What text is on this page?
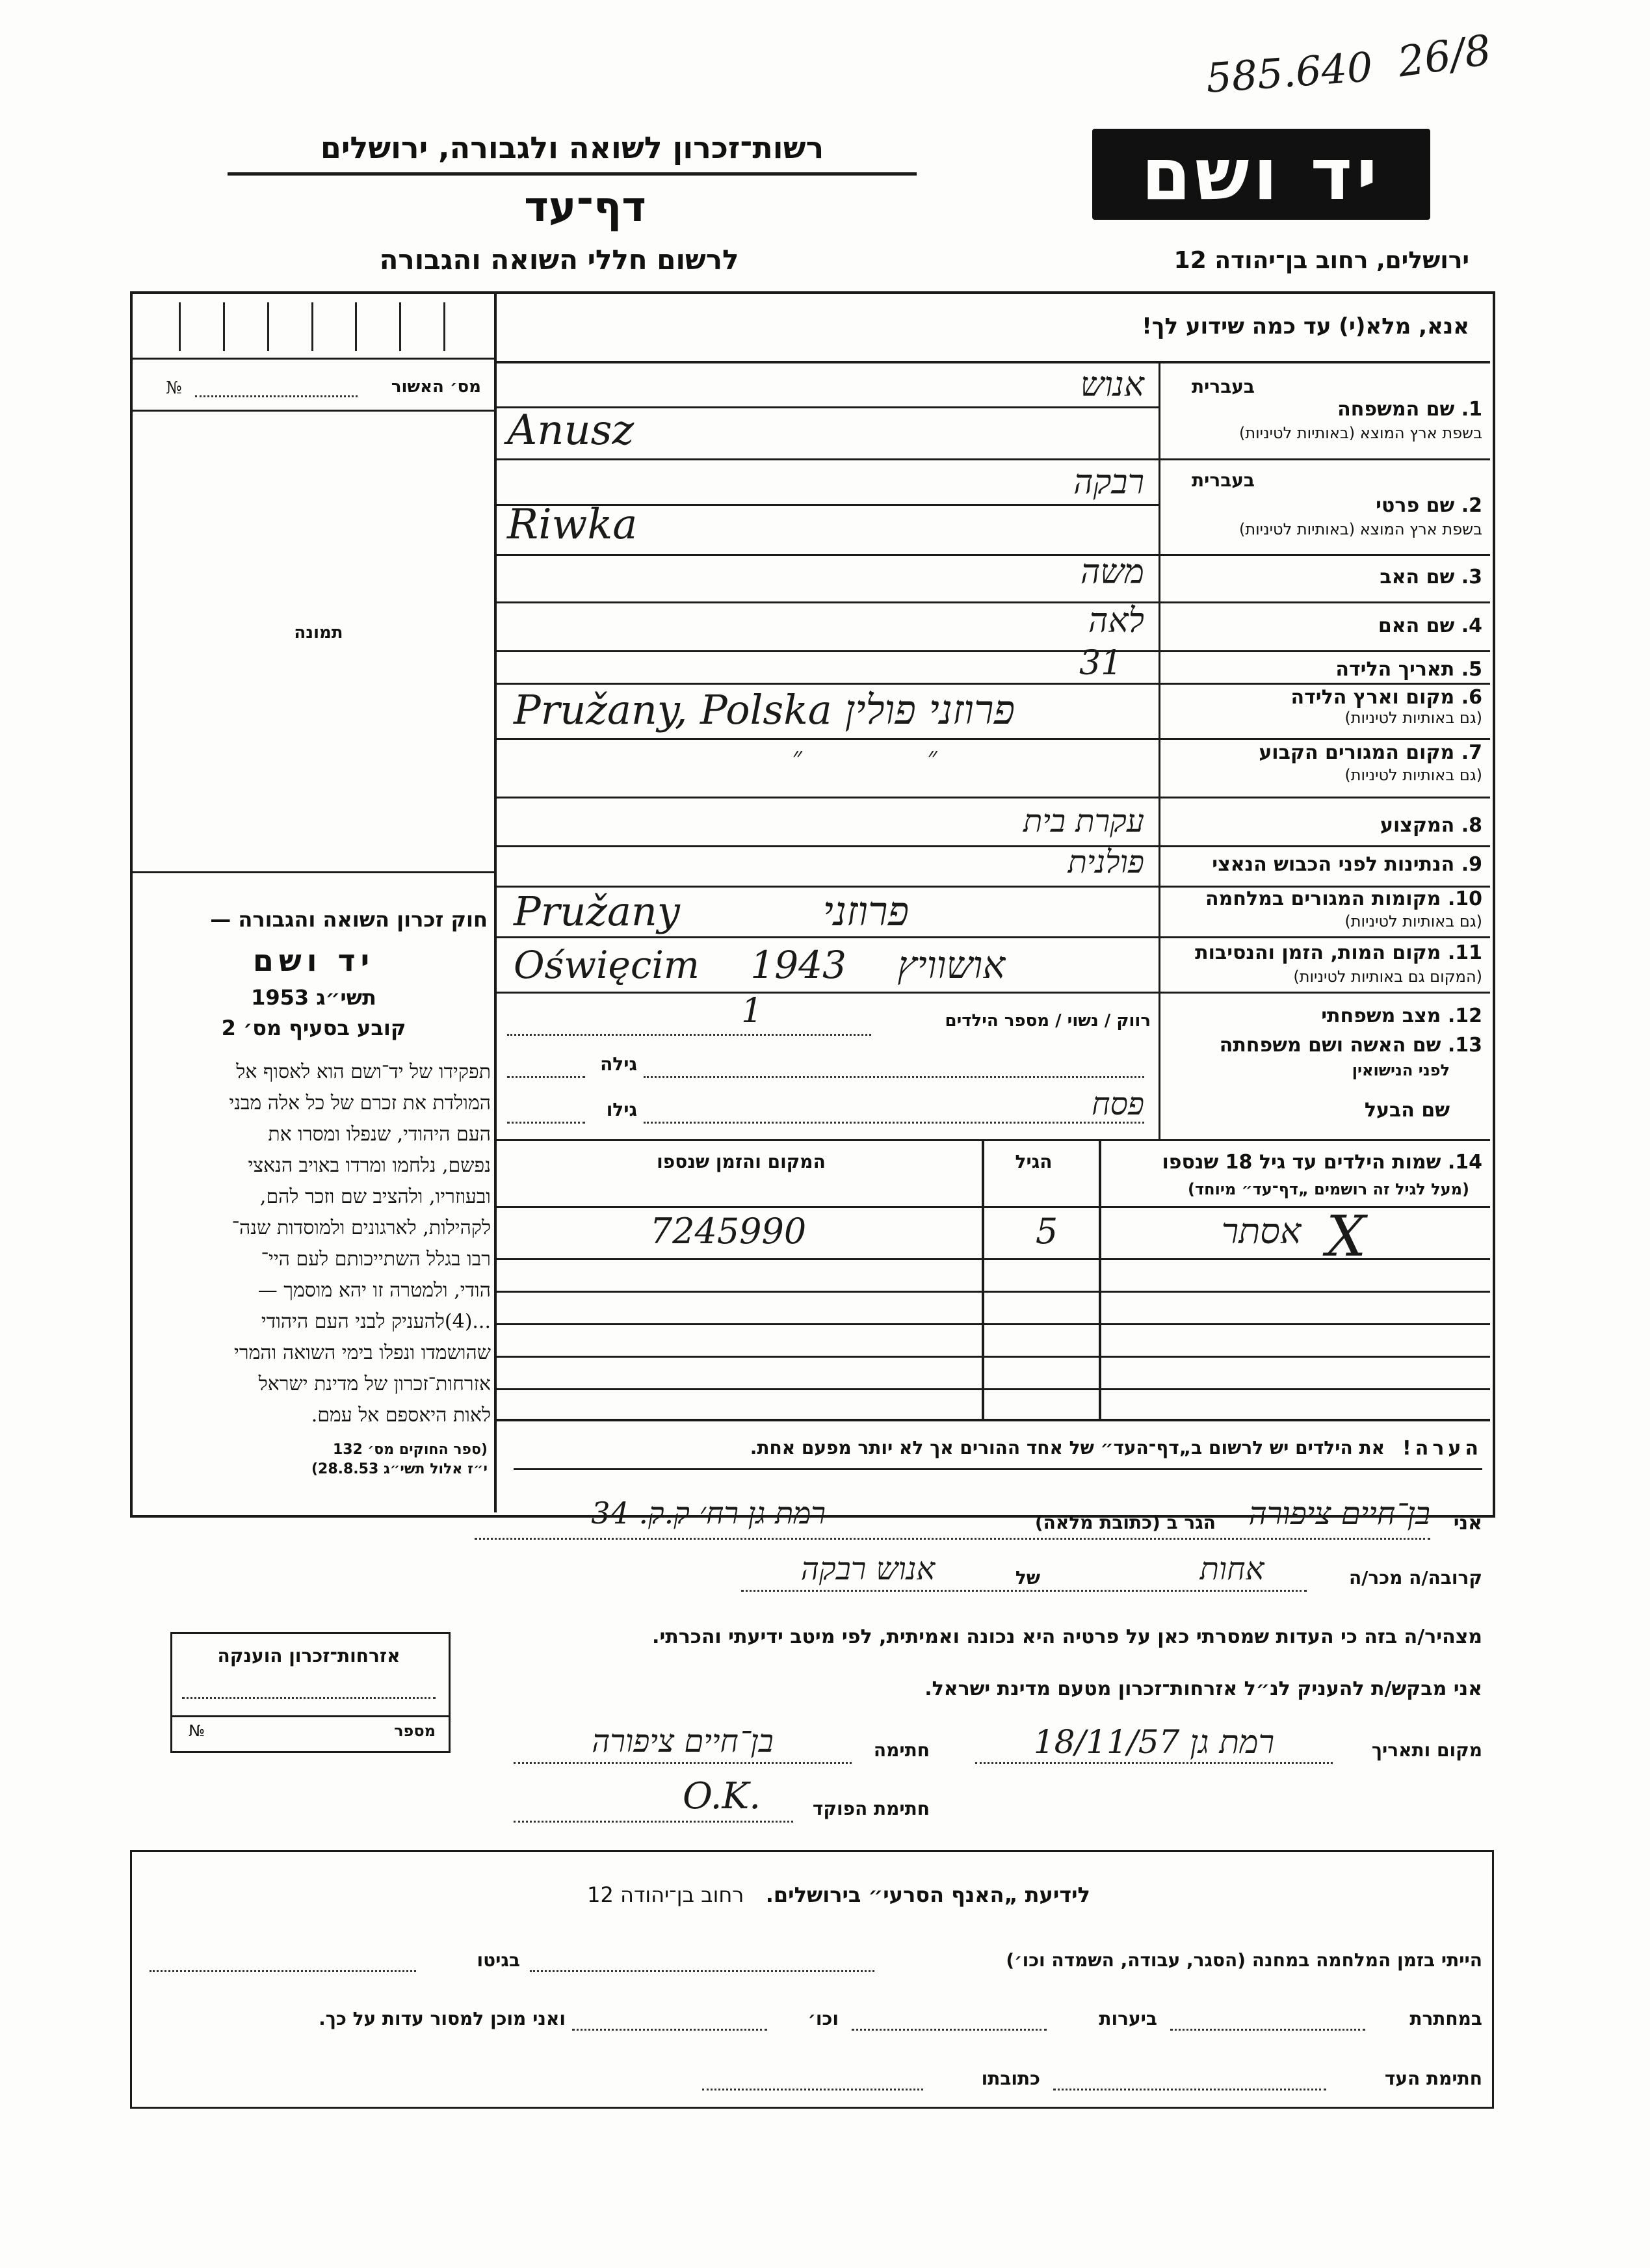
585.640 26/8
יד ושם
רשות־זכרון לשואה ולגבורה, ירושלים
דף־עד
לרשום חללי השואה והגבורה	ירושלים, רחוב בן־יהודה 12
מס׳ האשור
№
תמונה
חוק זכרון השואה והגבורה —
יד ושם
תשי״ג 1953
קובע בסעיף מס׳ 2
תפקידו של יד־ושם הוא לאסוף אל
המולדת את זכרם של כל אלה מבני
העם היהודי, שנפלו ומסרו את
נפשם, נלחמו ומרדו באויב הנאצי
ובעוזריו, ולהציב שם וזכר להם,
לקהילות, לארגונים ולמוסדות שנה־
רבו בגלל השתייכותם לעם היי־
הודי, ולמטרה זו יהא מוסמך —
...(4)להעניק לבני העם היהודי
שהושמדו ונפלו בימי השואה והמרי
אזרחות־זכרון של מדינת ישראל
לאות היאספם אל עמם.
(ספר החוקים מס׳ 132
י״ז אלול תשי״ג 28.8.53)
אנא, מלא(י) עד כמה שידוע לך!
בעברית
1. שם המשפחה
בשפת ארץ המוצא (באותיות לטיניות)
אנוש
Anusz
בעברית
2. שם פרטי
בשפת ארץ המוצא (באותיות לטיניות)
רבקה
Riwka
3. שם האב
משה
4. שם האם
לאה
5. תאריך הלידה
31
6. מקום וארץ הלידה
(גם באותיות לטיניות)
Pružany, Polska פרוזני פולין
7. מקום המגורים הקבוע
(גם באותיות לטיניות)
״ ״
8. המקצוע
עקרת בית
9. הנתינות לפני הכבוש הנאצי
פולנית
10. מקומות המגורים במלחמה
(גם באותיות לטיניות)
Pružany פרוזני
11. מקום המות, הזמן והנסיבות
(המקום גם באותיות לטיניות)
Oświęcim 1943 אושוויץ
12. מצב משפחתי
רווק / נשוי / מספר הילדים
1
13. שם האשה ושם משפחתה
לפני הנישואין
גילה
שם הבעל
פסח
גילו
14. שמות הילדים עד גיל 18 שנספו
(מעל לגיל זה רושמים „דף־עד״ מיוחד)
הגיל
המקום והזמן שנספו
אסתר X
5
7245990
הערה!
את הילדים יש לרשום ב„דף־העד״ של אחד ההורים אך לא יותר מפעם אחת.
אני
בן־חיים ציפורה
הגר ב (כתובת מלאה)
רמת גן רח׳ ק.ק. 34
קרובה/ה מכר/ה
אחות
של
אנוש רבקה
מצהיר/ה בזה כי העדות שמסרתי כאן על פרטיה היא נכונה ואמיתית, לפי מיטב ידיעתי והכרתי.
אני מבקש/ת להעניק לנ״ל אזרחות־זכרון מטעם מדינת ישראל.
מקום ותאריך
רמת גן 18/11/57
חתימה
בן־חיים ציפורה
חתימת הפוקד
O.K.
אזרחות־זכרון הוענקה
מספר
№
לידיעת „האנף הסרעי״ בירושלים.   רחוב בן־יהודה 12
הייתי בזמן המלחמה במחנה (הסגר, עבודה, השמדה וכו׳)
בגיטו
במחתרת
ביערות
וכו׳
ואני מוכן למסור עדות על כך.
חתימת העד
כתובתו
